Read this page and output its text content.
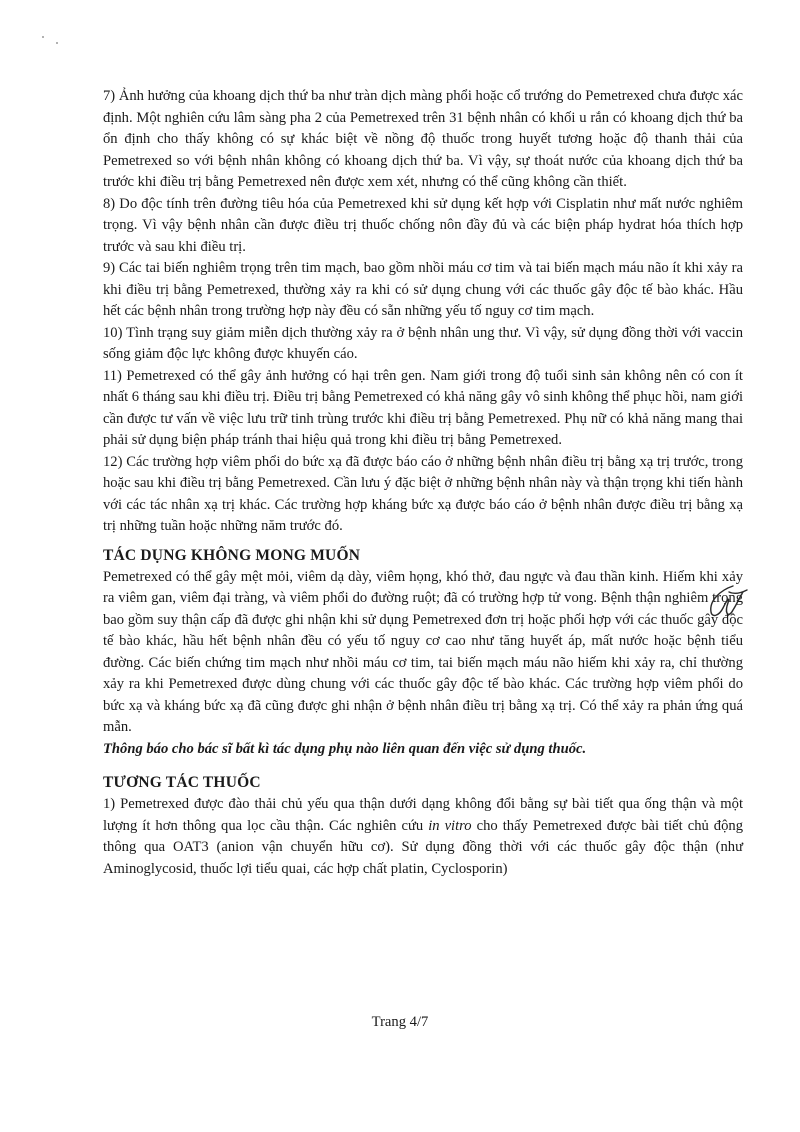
7) Ảnh hưởng của khoang dịch thứ ba như tràn dịch màng phổi hoặc cổ trướng do Pemetrexed chưa được xác định. Một nghiên cứu lâm sàng pha 2 của Pemetrexed trên 31 bệnh nhân có khối u rắn có khoang dịch thứ ba ổn định cho thấy không có sự khác biệt về nồng độ thuốc trong huyết tương hoặc độ thanh thải của Pemetrexed so với bệnh nhân không có khoang dịch thứ ba. Vì vậy, sự thoát nước của khoang dịch thứ ba trước khi điều trị bằng Pemetrexed nên được xem xét, nhưng có thể cũng không cần thiết.

8) Do độc tính trên đường tiêu hóa của Pemetrexed khi sử dụng kết hợp với Cisplatin như mất nước nghiêm trọng. Vì vậy bệnh nhân cần được điều trị thuốc chống nôn đầy đủ và các biện pháp hydrat hóa thích hợp trước và sau khi điều trị.

9) Các tai biến nghiêm trọng trên tim mạch, bao gồm nhồi máu cơ tim và tai biến mạch máu não ít khi xảy ra khi điều trị bằng Pemetrexed, thường xảy ra khi có sử dụng chung với các thuốc gây độc tế bào khác. Hầu hết các bệnh nhân trong trường hợp này đều có sẵn những yếu tố nguy cơ tim mạch.

10) Tình trạng suy giảm miễn dịch thường xảy ra ở bệnh nhân ung thư. Vì vậy, sử dụng đồng thời với vaccin sống giảm độc lực không được khuyến cáo.

11) Pemetrexed có thể gây ảnh hưởng có hại trên gen. Nam giới trong độ tuổi sinh sản không nên có con ít nhất 6 tháng sau khi điều trị. Điều trị bằng Pemetrexed có khả năng gây vô sinh không thể phục hồi, nam giới cần được tư vấn về việc lưu trữ tinh trùng trước khi điều trị bằng Pemetrexed. Phụ nữ có khả năng mang thai phải sử dụng biện pháp tránh thai hiệu quả trong khi điều trị bằng Pemetrexed.

12) Các trường hợp viêm phổi do bức xạ đã được báo cáo ở những bệnh nhân điều trị bằng xạ trị trước, trong hoặc sau khi điều trị bằng Pemetrexed. Cần lưu ý đặc biệt ở những bệnh nhân này và thận trọng khi tiến hành với các tác nhân xạ trị khác. Các trường hợp kháng bức xạ được báo cáo ở bệnh nhân được điều trị bằng xạ trị những tuần hoặc những năm trước đó.

TÁC DỤNG KHÔNG MONG MUỐN

Pemetrexed có thể gây mệt mỏi, viêm dạ dày, viêm họng, khó thở, đau ngực và đau thần kinh. Hiếm khi xảy ra viêm gan, viêm đại tràng, và viêm phổi do đường ruột; đã có trường hợp tử vong. Bệnh thận nghiêm trọng bao gồm suy thận cấp đã được ghi nhận khi sử dụng Pemetrexed đơn trị hoặc phối hợp với các thuốc gây độc tế bào khác, hầu hết bệnh nhân đều có yếu tố nguy cơ cao như tăng huyết áp, mất nước hoặc bệnh tiểu đường. Các biến chứng tim mạch như nhồi máu cơ tim, tai biến mạch máu não hiếm khi xảy ra, chỉ thường xảy ra khi Pemetrexed được dùng chung với các thuốc gây độc tế bào khác. Các trường hợp viêm phổi do bức xạ và kháng bức xạ đã cũng được ghi nhận ở bệnh nhân điều trị bằng xạ trị. Có thể xảy ra phản ứng quá mẫn.

Thông báo cho bác sĩ bất kì tác dụng phụ nào liên quan đến việc sử dụng thuốc.

TƯƠNG TÁC THUỐC

1) Pemetrexed được đào thải chủ yếu qua thận dưới dạng không đổi bằng sự bài tiết qua ống thận và một lượng ít hơn thông qua lọc cầu thận. Các nghiên cứu in vitro cho thấy Pemetrexed được bài tiết chủ động thông qua OAT3 (anion vận chuyển hữu cơ). Sử dụng đồng thời với các thuốc gây độc thận (như Aminoglycosid, thuốc lợi tiểu quai, các hợp chất platin, Cyclosporin)

Trang 4/7
